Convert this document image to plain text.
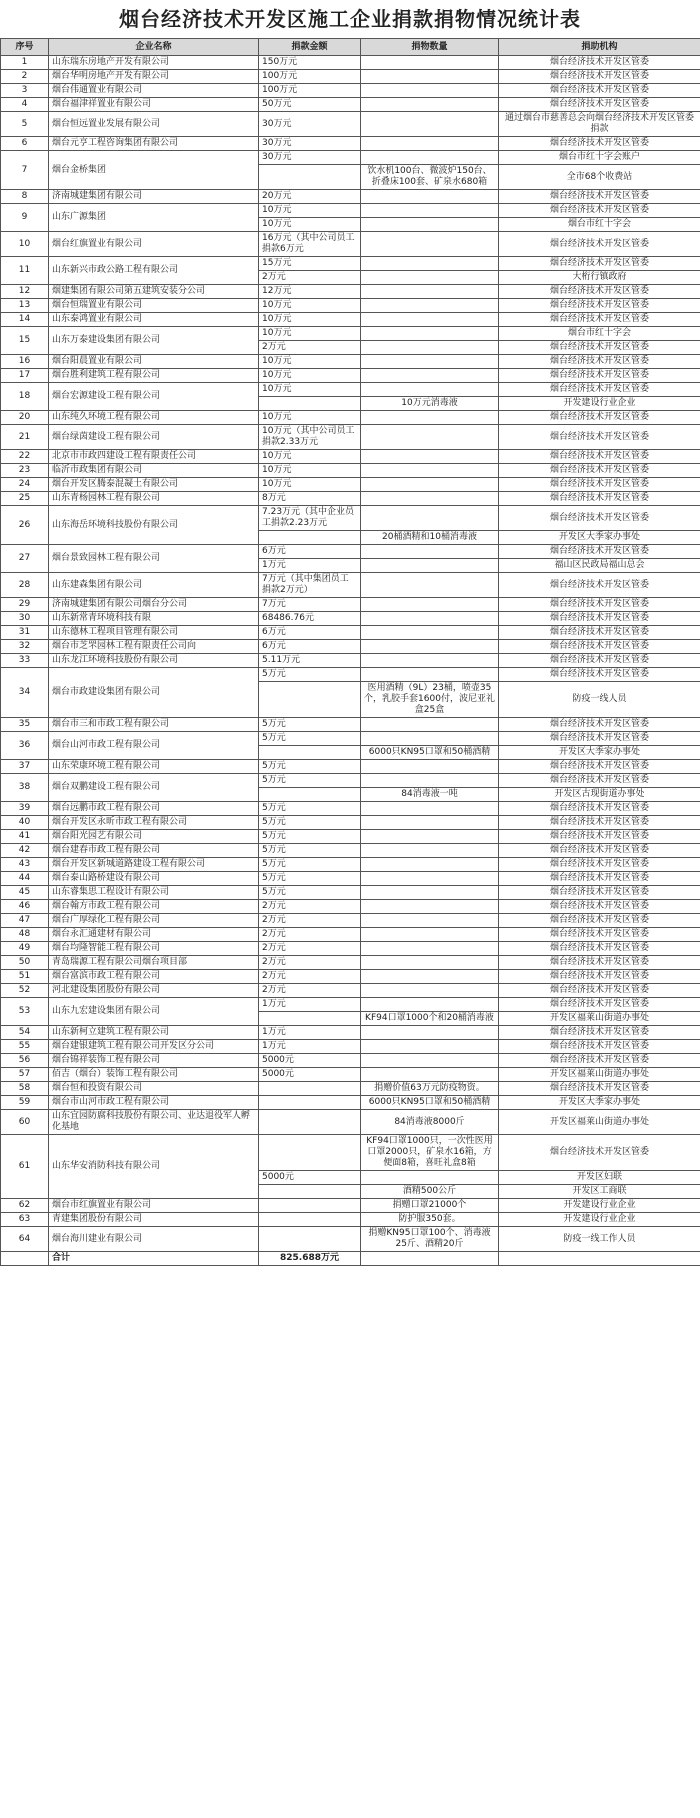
烟台经济技术开发区施工企业捐款捐物情况统计表
序号	企业名称	捐款金额	捐物数量	捐助机构
1	山东瑞东房地产开发有限公司	150万元		烟台经济技术开发区管委
2	烟台华明房地产开发有限公司	100万元		烟台经济技术开发区管委
3	烟台伟通置业有限公司	100万元		烟台经济技术开发区管委
4	烟台福津祥置业有限公司	50万元		烟台经济技术开发区管委
5	烟台恒远置业发展有限公司	30万元		通过烟台市慈善总会向烟台经济技术开发区管委捐款
6	烟台元亨工程咨询集团有限公司	30万元		烟台经济技术开发区管委
7	烟台金桥集团	30万元		烟台市红十字会账户
			饮水机100台、微波炉150台、折叠床100套、矿泉水680箱	全市68个收费站
8	济南城建集团有限公司	20万元		烟台经济技术开发区管委
9	山东广源集团	10万元		烟台经济技术开发区管委
		10万元		烟台市红十字会
10	烟台红旗置业有限公司	16万元（其中公司员工捐款6万元		烟台经济技术开发区管委
11	山东新兴市政公路工程有限公司	15万元		烟台经济技术开发区管委
		2万元		大桁行镇政府
12	烟建集团有限公司第五建筑安装分公司	12万元		烟台经济技术开发区管委
13	烟台恒瑞置业有限公司	10万元		烟台经济技术开发区管委
14	山东泰鸿置业有限公司	10万元		烟台经济技术开发区管委
15	山东万泰建设集团有限公司	10万元		烟台市红十字会
		2万元		烟台经济技术开发区管委
16	烟台阳晨置业有限公司	10万元		烟台经济技术开发区管委
17	烟台胜利建筑工程有限公司	10万元		烟台经济技术开发区管委
18	烟台宏源建设工程有限公司	10万元		烟台经济技术开发区管委
			10万元消毒液	开发建设行业企业
20	山东纯久环境工程有限公司	10万元		烟台经济技术开发区管委
21	烟台绿茵建设工程有限公司	10万元（其中公司员工捐款2.33万元		烟台经济技术开发区管委
22	北京市市政四建设工程有限责任公司	10万元		烟台经济技术开发区管委
23	临沂市政集团有限公司	10万元		烟台经济技术开发区管委
24	烟台开发区腾泰混凝土有限公司	10万元		烟台经济技术开发区管委
25	山东青杨园林工程有限公司	8万元		烟台经济技术开发区管委
26	山东海岳环境科技股份有限公司	7.23万元（其中企业员工捐款2.23万元		烟台经济技术开发区管委
			20桶酒精和10桶消毒液	开发区大季家办事处
27	烟台景致园林工程有限公司	6万元		烟台经济技术开发区管委
		1万元		福山区民政局福山总会
28	山东建森集团有限公司	7万元（其中集团员工捐款2万元）		烟台经济技术开发区管委
29	济南城建集团有限公司烟台分公司	7万元		烟台经济技术开发区管委
30	山东新常青环境科技有限	68486.76元		烟台经济技术开发区管委
31	山东德林工程项目管理有限公司	6万元		烟台经济技术开发区管委
32	烟台市芝罘园林工程有限责任公司向	6万元		烟台经济技术开发区管委
33	山东龙江环境科技股份有限公司	5.11万元		烟台经济技术开发区管委
34	烟台市政建设集团有限公司	5万元		烟台经济技术开发区管委
			医用酒精（9L）23桶，喷壶35个，乳胶手套1600付，波尼亚礼盒25盒	防疫一线人员
35	烟台市三和市政工程有限公司	5万元		烟台经济技术开发区管委
36	烟台山河市政工程有限公司	5万元		烟台经济技术开发区管委
			6000只KN95口罩和50桶酒精	开发区大季家办事处
37	山东荣康环境工程有限公司	5万元		烟台经济技术开发区管委
38	烟台双鹏建设工程有限公司	5万元		烟台经济技术开发区管委
			84消毒液一吨	开发区古现街道办事处
39	烟台远鹏市政工程有限公司	5万元		烟台经济技术开发区管委
40	烟台开发区永昕市政工程有限公司	5万元		烟台经济技术开发区管委
41	烟台阳光园艺有限公司	5万元		烟台经济技术开发区管委
42	烟台建春市政工程有限公司	5万元		烟台经济技术开发区管委
43	烟台开发区新城道路建设工程有限公司	5万元		烟台经济技术开发区管委
44	烟台泰山路桥建设有限公司	5万元		烟台经济技术开发区管委
45	山东睿集思工程设计有限公司	5万元		烟台经济技术开发区管委
46	烟台翰方市政工程有限公司	2万元		烟台经济技术开发区管委
47	烟台广厚绿化工程有限公司	2万元		烟台经济技术开发区管委
48	烟台永汇通建材有限公司	2万元		烟台经济技术开发区管委
49	烟台均隆智能工程有限公司	2万元		烟台经济技术开发区管委
50	青岛瑞源工程有限公司烟台项目部	2万元		烟台经济技术开发区管委
51	烟台富滨市政工程有限公司	2万元		烟台经济技术开发区管委
52	河北建设集团股份有限公司	2万元		烟台经济技术开发区管委
53	山东九宏建设集团有限公司	1万元		烟台经济技术开发区管委
			KF94口罩1000个和20桶消毒液	开发区福莱山街道办事处
54	山东新柯立建筑工程有限公司	1万元		烟台经济技术开发区管委
55	烟台建银建筑工程有限公司开发区分公司	1万元		烟台经济技术开发区管委
56	烟台锦祥装饰工程有限公司	5000元		烟台经济技术开发区管委
57	佰吉（烟台）装饰工程有限公司	5000元		开发区福莱山街道办事处
58	烟台恒和投资有限公司		捐赠价值63万元防疫物资。	烟台经济技术开发区管委
59	烟台市山河市政工程有限公司		6000只KN95口罩和50桶酒精	开发区大季家办事处
60	山东宜园防腐科技股份有限公司、业达退役军人孵化基地		84消毒液8000斤	开发区福莱山街道办事处
61	山东华安消防科技有限公司		KF94口罩1000只，一次性医用口罩2000只，矿泉水16箱，方便面8箱，喜旺礼盒8箱	烟台经济技术开发区管委
		5000元		开发区妇联
			酒精500公斤	开发区工商联
62	烟台市红旗置业有限公司		捐赠口罩21000个	开发建设行业企业
63	青建集团股份有限公司		防护服350套。	开发建设行业企业
64	烟台海川建业有限公司		捐赠KN95口罩100个、消毒液25斤、酒精20斤	防疫一线工作人员
	合计	825.688万元		
